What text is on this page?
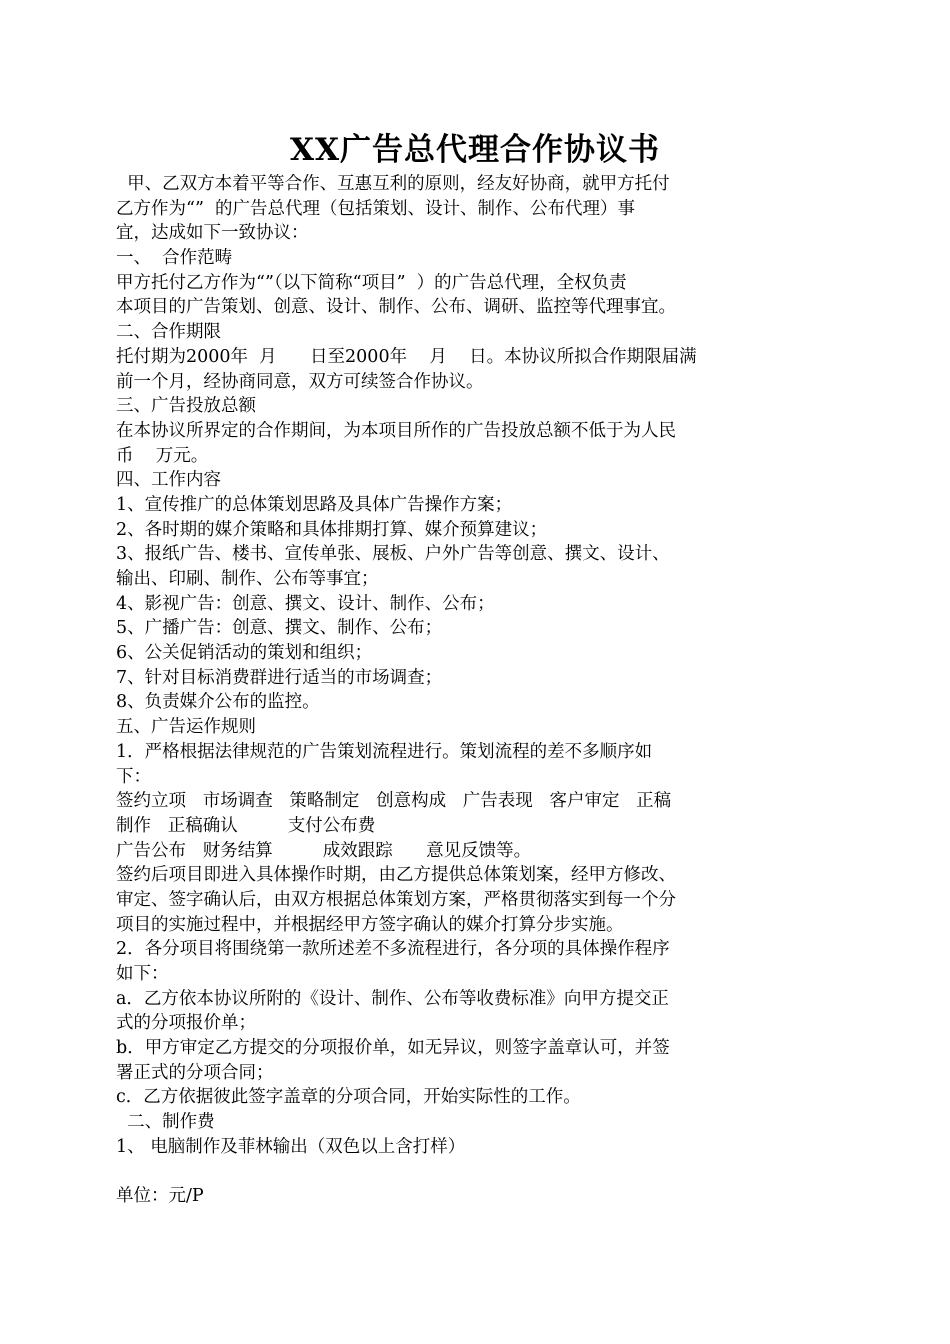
XX广告总代理合作协议书
甲、乙双方本着平等合作、互惠互利的原则，经友好协商，就甲方托付
乙方作为“”  的广告总代理（包括策划、设计、制作、公布代理）事
宜，达成如下一致协议：
一、  合作范畴
甲方托付乙方作为“”（以下简称“项目”  ）的广告总代理，全权负责
本项目的广告策划、创意、设计、制作、公布、调研、监控等代理事宜。
二、合作期限
托付期为2000年  月      日至2000年    月    日。本协议所拟合作期限届满
前一个月，经协商同意，双方可续签合作协议。
三、广告投放总额
在本协议所界定的合作期间，为本项目所作的广告投放总额不低于为人民
币    万元。
四、工作内容
1、宣传推广的总体策划思路及具体广告操作方案；
2、各时期的媒介策略和具体排期打算、媒介预算建议；
3、报纸广告、楼书、宣传单张、展板、户外广告等创意、撰文、设计、
输出、印刷、制作、公布等事宜；
4、影视广告：创意、撰文、设计、制作、公布；
5、广播广告：创意、撰文、制作、公布；
6、公关促销活动的策划和组织；
7、针对目标消费群进行适当的市场调查；
8、负责媒介公布的监控。
五、广告运作规则
1．严格根据法律规范的广告策划流程进行。策划流程的差不多顺序如
下：
签约立项   市场调查   策略制定   创意构成   广告表现   客户审定   正稿
制作   正稿确认         支付公布费
广告公布   财务结算         成效跟踪      意见反馈等。
签约后项目即进入具体操作时期，由乙方提供总体策划案，经甲方修改、
审定、签字确认后，由双方根据总体策划方案，严格贯彻落实到每一个分
项目的实施过程中，并根据经甲方签字确认的媒介打算分步实施。
2．各分项目将围绕第一款所述差不多流程进行，各分项的具体操作程序
如下：
a．乙方依本协议所附的《设计、制作、公布等收费标准》向甲方提交正
式的分项报价单；
b．甲方审定乙方提交的分项报价单，如无异议，则签字盖章认可，并签
署正式的分项合同；
c．乙方依据彼此签字盖章的分项合同，开始实际性的工作。
二、制作费
1、 电脑制作及菲林输出（双色以上含打样）
单位：元/P
